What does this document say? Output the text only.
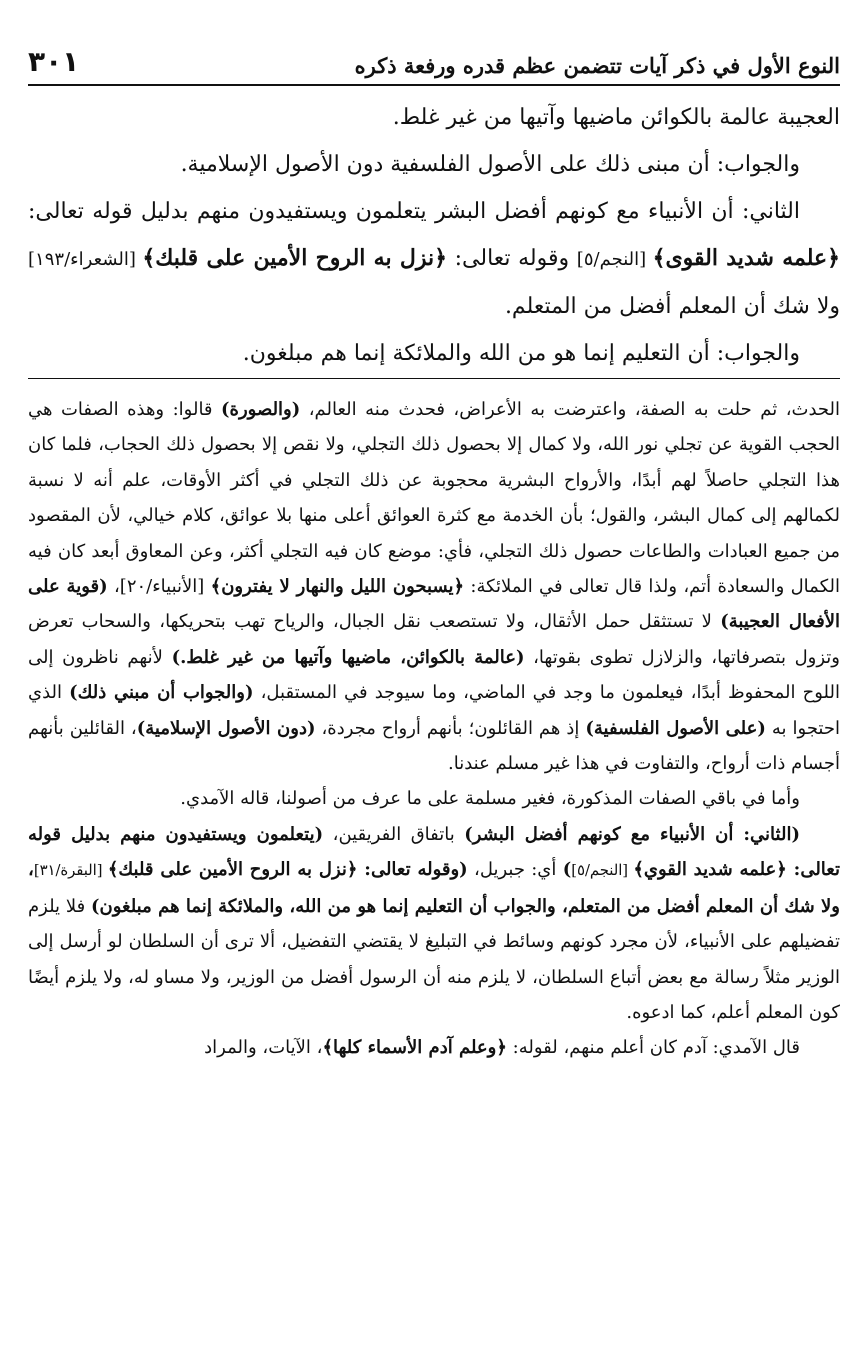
النوع الأول في ذكر آيات تتضمن عظم قدره ورفعة ذكره
٣٠١

العجيبة عالمة بالكوائن ماضيها وآتيها من غير غلط.

والجواب: أن مبنى ذلك على الأصول الفلسفية دون الأصول الإسلامية.

الثاني: أن الأنبياء مع كونهم أفضل البشر يتعلمون ويستفيدون منهم بدليل قوله تعالى: ﴿علمه شديد القوى﴾ [النجم/٥] وقوله تعالى: ﴿نزل به الروح الأمين على قلبك﴾ [الشعراء/١٩٣] ولا شك أن المعلم أفضل من المتعلم.

والجواب: أن التعليم إنما هو من الله والملائكة إنما هم مبلغون.

الحدث، ثم حلت به الصفة، واعترضت به الأعراض، فحدث منه العالم، (والصورة) قالوا: وهذه الصفات هي الحجب القوية عن تجلي نور الله، ولا كمال إلا بحصول ذلك التجلي، ولا نقص إلا بحصول ذلك الحجاب، فلما كان هذا التجلي حاصلاً لهم أبدًا، والأرواح البشرية محجوبة عن ذلك التجلي في أكثر الأوقات، علم أنه لا نسبة لكمالهم إلى كمال البشر، والقول؛ بأن الخدمة مع كثرة العوائق أعلى منها بلا عوائق، كلام خيالي، لأن المقصود من جميع العبادات والطاعات حصول ذلك التجلي، فأي: موضع كان فيه التجلي أكثر، وعن المعاوق أبعد كان فيه الكمال والسعادة أتم، ولذا قال تعالى في الملائكة: ﴿يسبحون الليل والنهار لا يفترون﴾ [الأنبياء/٢٠]، (قوية على الأفعال العجيبة) لا تستثقل حمل الأثقال، ولا تستصعب نقل الجبال، والرياح تهب بتحريكها، والسحاب تعرض وتزول بتصرفاتها، والزلازل تطوى بقوتها، (عالمة بالكوائن، ماضيها وآتيها من غير غلط.) لأنهم ناظرون إلى اللوح المحفوظ أبدًا، فيعلمون ما وجد في الماضي، وما سيوجد في المستقبل، (والجواب أن مبني ذلك) الذي احتجوا به (على الأصول الفلسفية) إذ هم القائلون؛ بأنهم أرواح مجردة، (دون الأصول الإسلامية)، القائلين بأنهم أجسام ذات أرواح، والتفاوت في هذا غير مسلم عندنا.

وأما في باقي الصفات المذكورة، فغير مسلمة على ما عرف من أصولنا، قاله الآمدي.

(الثاني: أن الأنبياء مع كونهم أفضل البشر) باتفاق الفريقين، (يتعلمون ويستفيدون منهم بدليل قوله تعالى: ﴿علمه شديد القوي﴾ [النجم/٥]) أي: جبريل، (وقوله تعالى: ﴿نزل به الروح الأمين على قلبك﴾ [البقرة/٣١]، ولا شك أن المعلم أفضل من المتعلم، والجواب أن التعليم إنما هو من الله، والملائكة إنما هم مبلغون) فلا يلزم تفضيلهم على الأنبياء، لأن مجرد كونهم وسائط في التبليغ لا يقتضي التفضيل، ألا ترى أن السلطان لو أرسل إلى الوزير مثلاً رسالة مع بعض أتباع السلطان، لا يلزم منه أن الرسول أفضل من الوزير، ولا مساو له، ولا يلزم أيضًا كون المعلم أعلم، كما ادعوه.

قال الآمدي: آدم كان أعلم منهم، لقوله: ﴿وعلم آدم الأسماء كلها﴾، الآيات، والمراد
